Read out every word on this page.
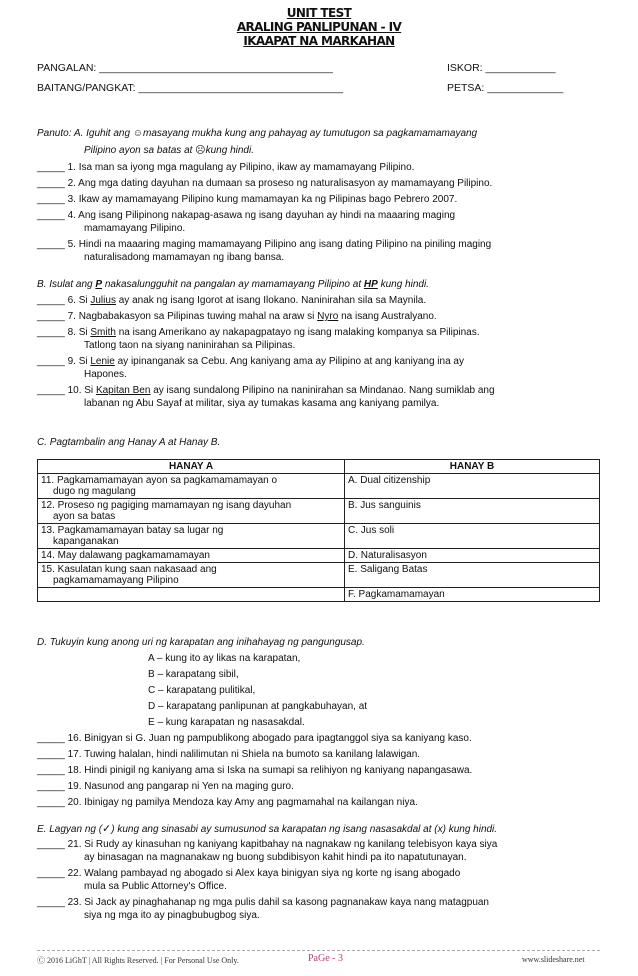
UNIT TEST
ARALING PANLIPUNAN - IV
IKAAPAT NA MARKAHAN
PANGALAN: ________________________________________	ISKOR: ____________
BAITANG/PANGKAT: ___________________________________	PETSA: _____________
Panuto: A. Iguhit ang ☺masayang mukha kung ang pahayag ay tumutugon sa pagkamamamayang
Pilipino ayon sa batas at ☹kung hindi.
_____ 1. Isa man sa iyong mga magulang ay Pilipino, ikaw ay mamamayang Pilipino.
_____ 2. Ang mga dating dayuhan na dumaan sa proseso ng naturalisasyon ay mamamayang Pilipino.
_____ 3. Ikaw ay mamamayang Pilipino kung mamamayan ka ng Pilipinas bago Pebrero 2007.
_____ 4. Ang isang Pilipinong nakapag-asawa ng isang dayuhan ay hindi na maaaring maging
mamamayang Pilipino.
_____ 5. Hindi na maaaring maging mamamayang Pilipino ang isang dating Pilipino na piniling maging
naturalisadong mamamayan ng ibang bansa.
B. Isulat ang P nakasalungguhit na pangalan ay mamamayang Pilipino at HP kung hindi.
_____ 6. Si Julius ay anak ng isang Igorot at isang Ilokano. Naninirahan sila sa Maynila.
_____ 7. Nagbabakasyon sa Pilipinas tuwing mahal na araw si Nyro na isang Australyano.
_____ 8. Si Smith na isang Amerikano ay nakapagpatayo ng isang malaking kompanya sa Pilipinas.
Tatlong taon na siyang naninirahan sa Pilipinas.
_____ 9. Si Lenie ay ipinanganak sa Cebu. Ang kaniyang ama ay Pilipino at ang kaniyang ina ay
Hapones.
_____ 10. Si Kapitan Ben ay isang sundalong Pilipino na naninirahan sa Mindanao. Nang sumiklab ang
labanan ng Abu Sayaf at militar, siya ay tumakas kasama ang kaniyang pamilya.
C. Pagtambalin ang Hanay A at Hanay B.
HANAY A	HANAY B

11. Pagkamamamayan ayon sa pagkamamamayan o
dugo ng magulang	A. Dual citizenship

12. Proseso ng pagiging mamamayan ng isang dayuhan
ayon sa batas	B. Jus sanguinis

13. Pagkamamamayan batay sa lugar ng
kapanganakan	C. Jus soli
14. May dalawang pagkamamamayan	D. Naturalisasyon

15. Kasulatan kung saan nakasaad ang
pagkamamamayang Pilipino	E. Saligang Batas
	F. Pagkamamamayan
D. Tukuyin kung anong uri ng karapatan ang inihahayag ng pangungusap.
A – kung ito ay likas na karapatan,
B – karapatang sibil,
C – karapatang pulitikal,
D – karapatang panlipunan at pangkabuhayan, at
E – kung karapatan ng nasasakdal.
_____ 16. Binigyan si G. Juan ng pampublikong abogado para ipagtanggol siya sa kaniyang kaso.
_____ 17. Tuwing halalan, hindi nalilimutan ni Shiela na bumoto sa kanilang lalawigan.
_____ 18. Hindi pinigil ng kaniyang ama si Iska na sumapi sa relihiyon ng kaniyang napangasawa.
_____ 19. Nasunod ang pangarap ni Yen na maging guro.
_____ 20. Ibinigay ng pamilya Mendoza kay Amy ang pagmamahal na kailangan niya.
E. Lagyan ng (✓) kung ang sinasabi ay sumusunod sa karapatan ng isang nasasakdal at (x) kung hindi.
_____ 21. Si Rudy ay kinasuhan ng kaniyang kapitbahay na nagnakaw ng kanilang telebisyon kaya siya
ay binasagan na magnanakaw ng buong subdibisyon kahit hindi pa ito napatutunayan.
_____ 22. Walang pambayad ng abogado si Alex kaya binigyan siya ng korte ng isang abogado
mula sa Public Attorney's Office.
_____ 23. Si Jack ay pinaghahanap ng mga pulis dahil sa kasong pagnanakaw kaya nang matagpuan
siya ng mga ito ay pinagbubugbog siya.
Ⓒ 2016 LiGhT | All Rights Reserved. | For Personal Use Only.	PaGe - 3	www.slideshare.net
